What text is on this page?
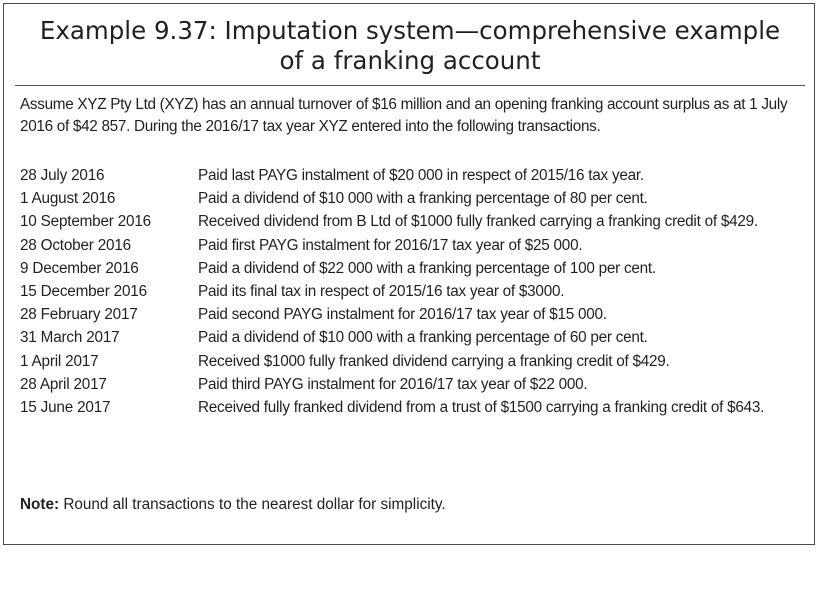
Example 9.37: Imputation system—comprehensive example
of a franking account

Assume XYZ Pty Ltd (XYZ) has an annual turnover of $16 million and an opening franking account surplus as at 1 July 2016 of $42 857. During the 2016/17 tax year XYZ entered into the following transactions.

28 July 2016	Paid last PAYG instalment of $20 000 in respect of 2015/16 tax year.
1 August 2016	Paid a dividend of $10 000 with a franking percentage of 80 per cent.
10 September 2016	Received dividend from B Ltd of $1000 fully franked carrying a franking credit of $429.
28 October 2016	Paid first PAYG instalment for 2016/17 tax year of $25 000.
9 December 2016	Paid a dividend of $22 000 with a franking percentage of 100 per cent.
15 December 2016	Paid its final tax in respect of 2015/16 tax year of $3000.
28 February 2017	Paid second PAYG instalment for 2016/17 tax year of $15 000.
31 March 2017	Paid a dividend of $10 000 with a franking percentage of 60 per cent.
1 April 2017	Received $1000 fully franked dividend carrying a franking credit of $429.
28 April 2017	Paid third PAYG instalment for 2016/17 tax year of $22 000.
15 June 2017	Received fully franked dividend from a trust of $1500 carrying a franking credit of $643.

Note: Round all transactions to the nearest dollar for simplicity.
